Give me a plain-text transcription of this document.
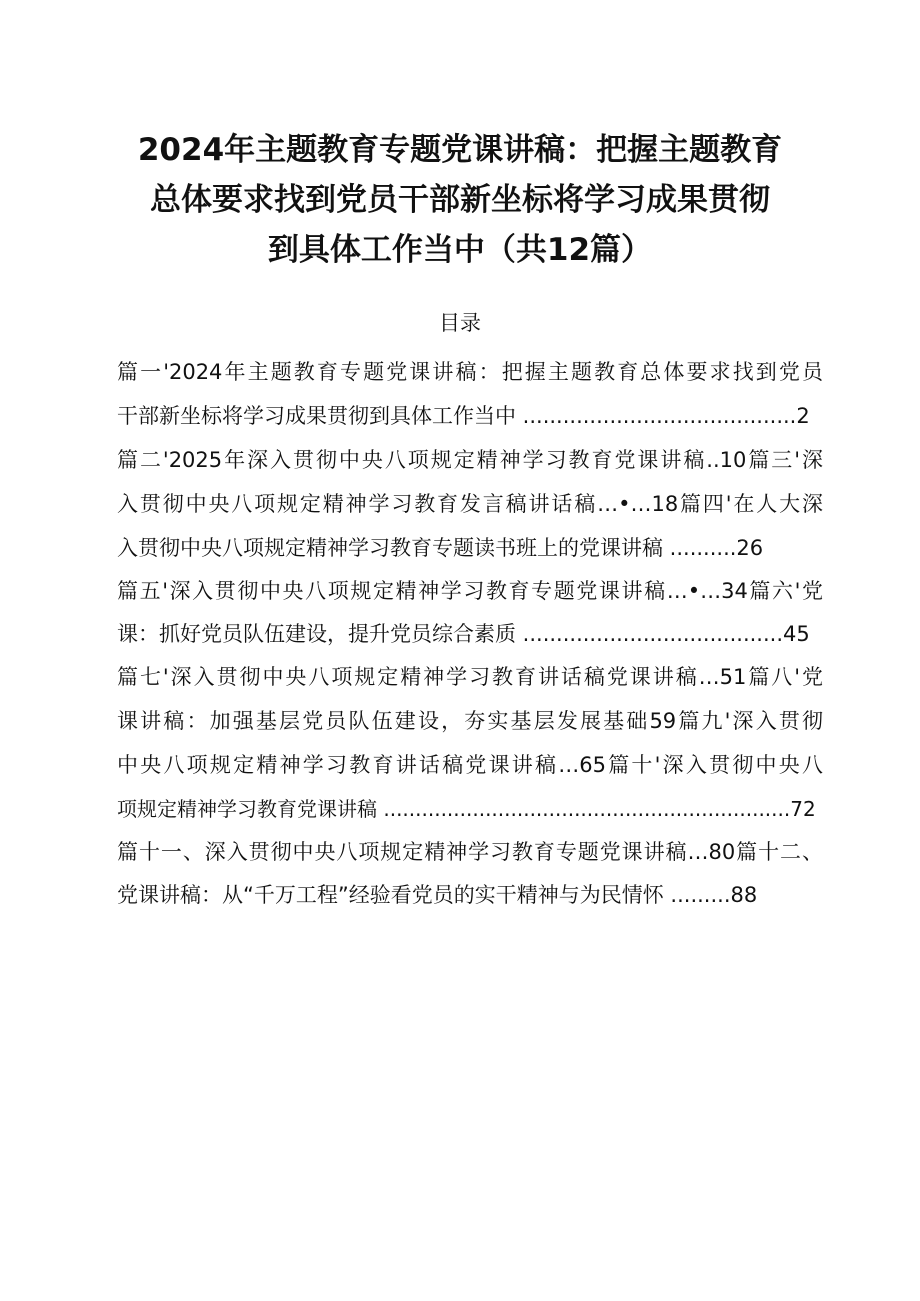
2024年主题教育专题党课讲稿：把握主题教育
总体要求找到党员干部新坐标将学习成果贯彻
到具体工作当中（共12篇）
目录
篇一'2024年主题教育专题党课讲稿：把握主题教育总体要求找到党员
干部新坐标将学习成果贯彻到具体工作当中 .........................................2
篇二'2025年深入贯彻中央八项规定精神学习教育党课讲稿..10篇三'深
入贯彻中央八项规定精神学习教育发言稿讲话稿…•…18篇四'在人大深
入贯彻中央八项规定精神学习教育专题读书班上的党课讲稿 ..........26
篇五'深入贯彻中央八项规定精神学习教育专题党课讲稿…•…34篇六'党
课：抓好党员队伍建设，提升党员综合素质 .......................................45
篇七'深入贯彻中央八项规定精神学习教育讲话稿党课讲稿…51篇八'党
课讲稿：加强基层党员队伍建设，夯实基层发展基础59篇九'深入贯彻
中央八项规定精神学习教育讲话稿党课讲稿…65篇十'深入贯彻中央八
项规定精神学习教育党课讲稿 ................................................................72
篇十一、深入贯彻中央八项规定精神学习教育专题党课讲稿…80篇十二、
党课讲稿：从“千万工程”经验看党员的实干精神与为民情怀 .........88
